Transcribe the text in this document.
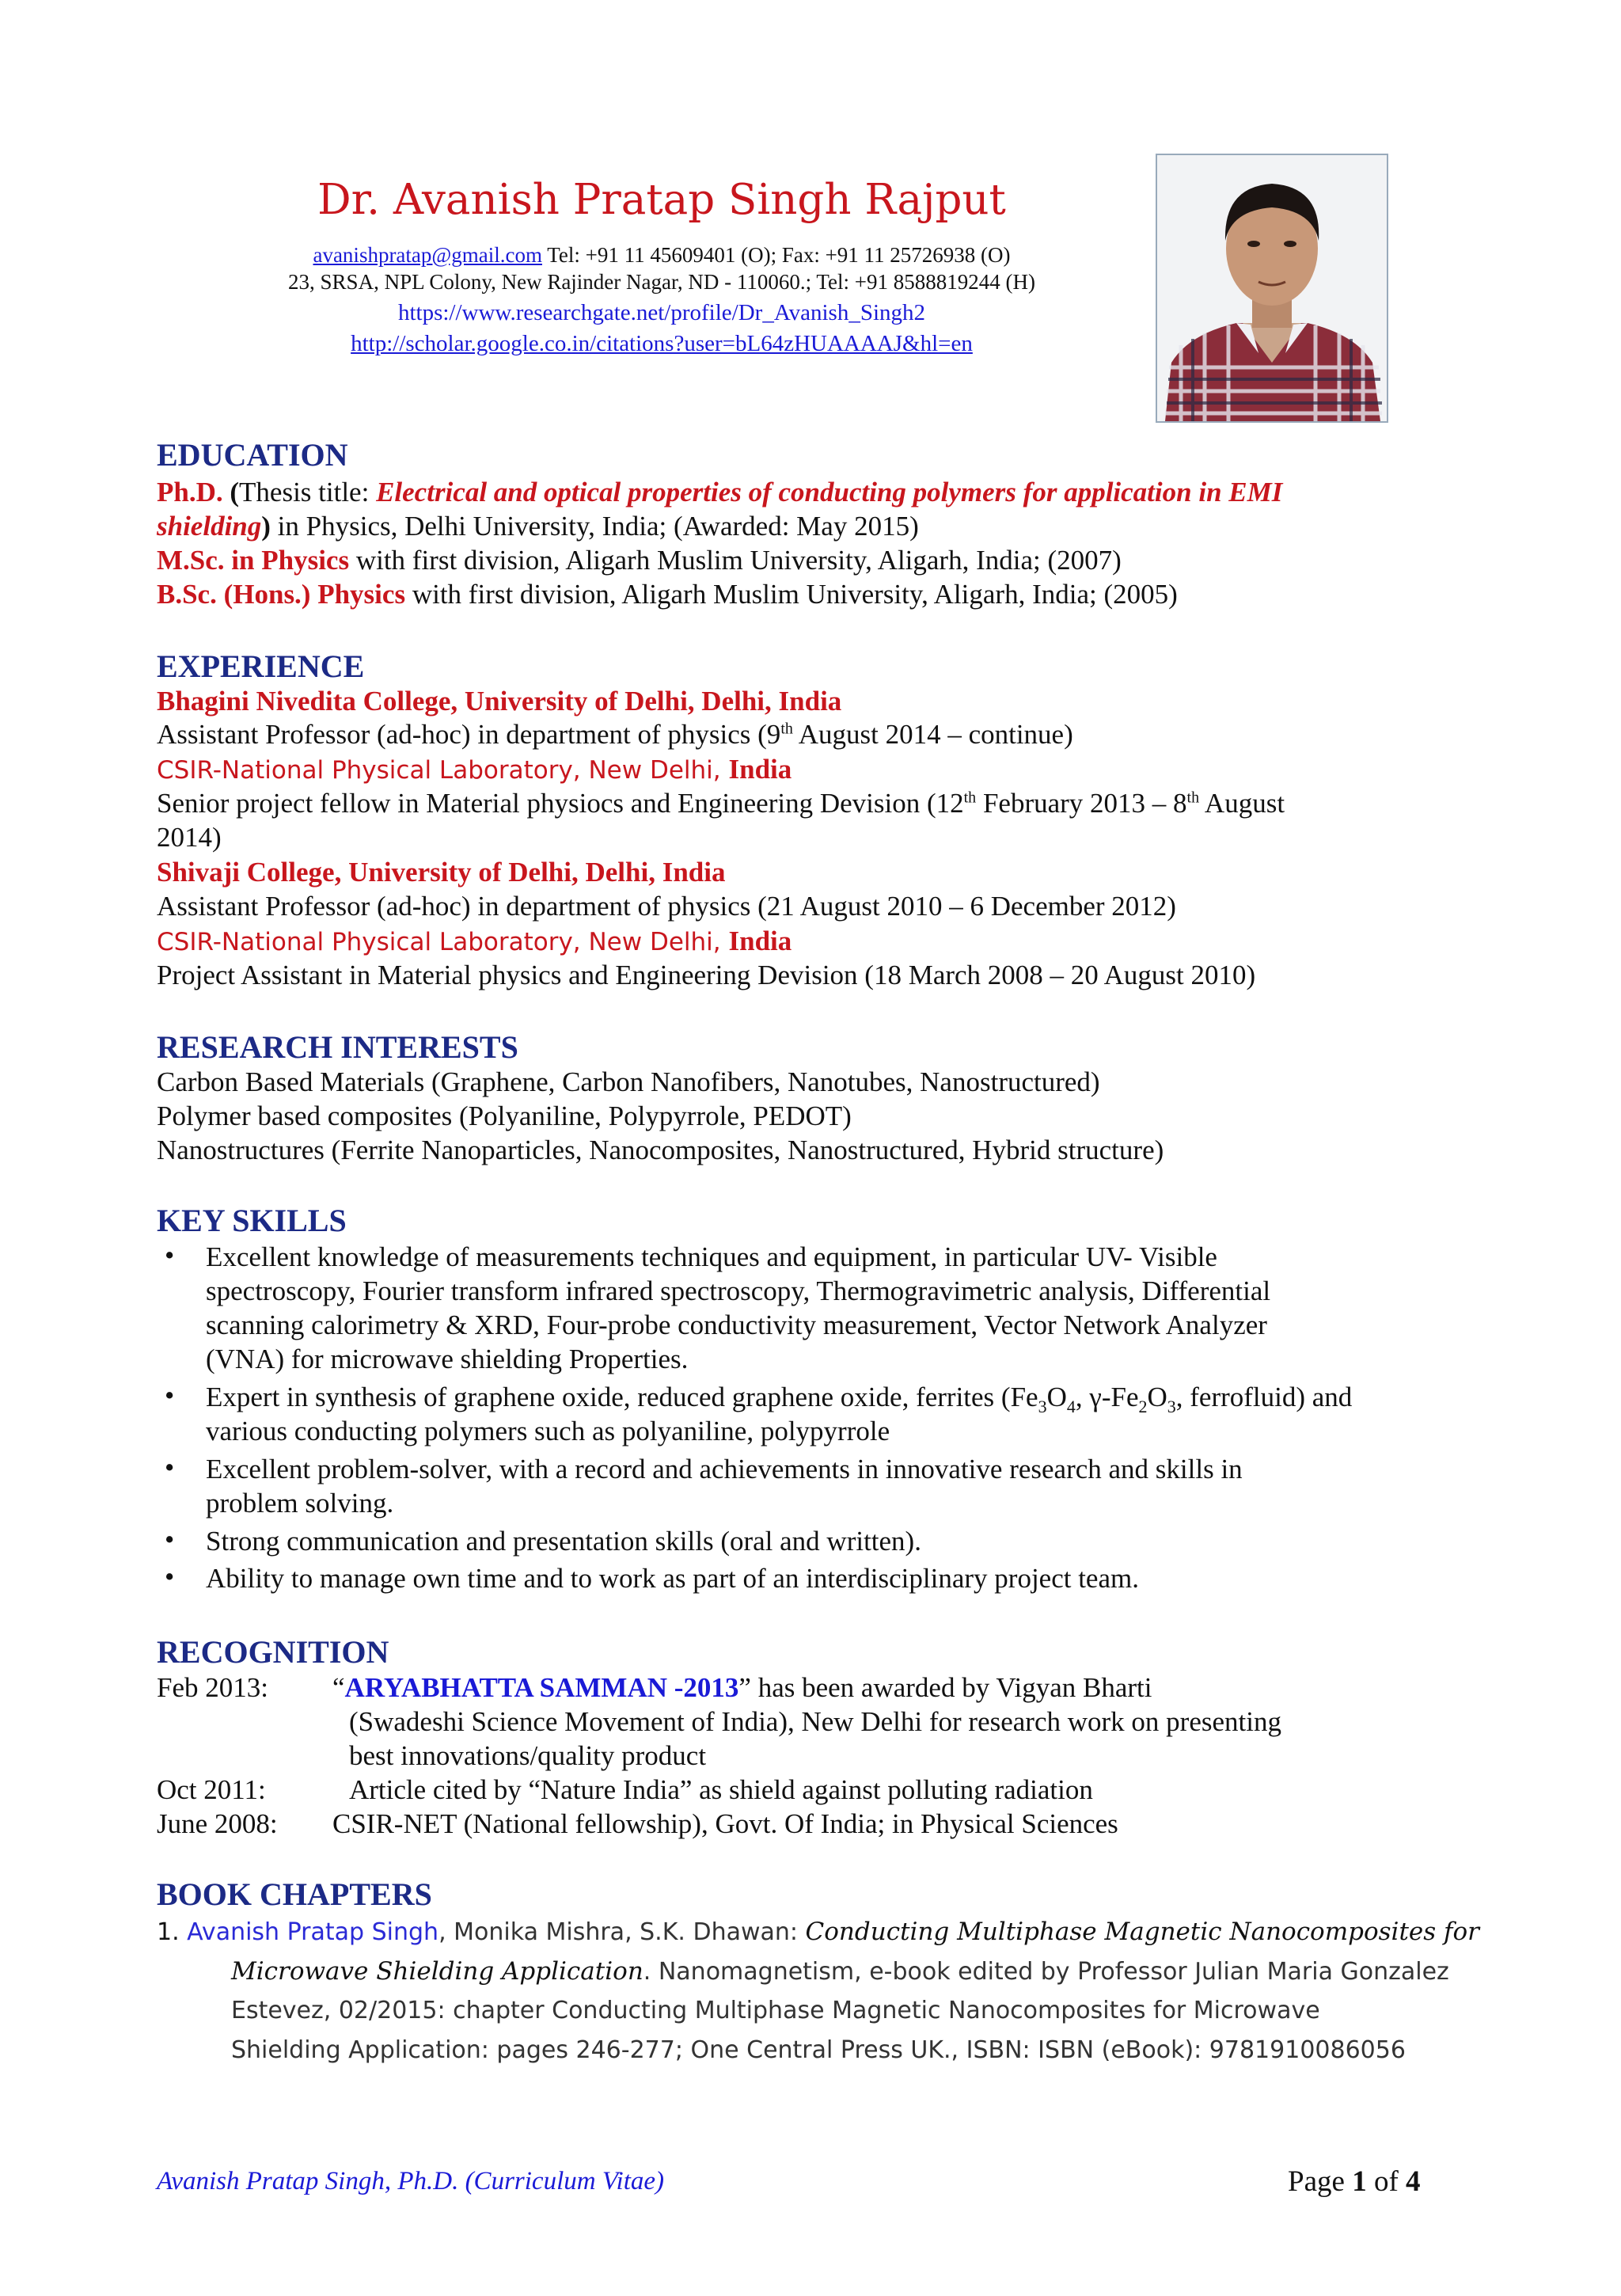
Dr. Avanish Pratap Singh Rajput
avanishpratap@gmail.com Tel: +91 11 45609401 (O); Fax: +91 11 25726938 (O)
23, SRSA, NPL Colony, New Rajinder Nagar, ND - 110060.; Tel: +91 8588819244 (H)
https://www.researchgate.net/profile/Dr_Avanish_Singh2
http://scholar.google.co.in/citations?user=bL64zHUAAAAJ&hl=en
EDUCATION
Ph.D. (Thesis title: Electrical and optical properties of conducting polymers for application in EMI
shielding) in Physics, Delhi University, India; (Awarded: May 2015)
M.Sc. in Physics with first division, Aligarh Muslim University, Aligarh, India; (2007)
B.Sc. (Hons.) Physics with first division, Aligarh Muslim University, Aligarh, India; (2005)
EXPERIENCE
Bhagini Nivedita College, University of Delhi, Delhi, India
Assistant Professor (ad-hoc) in department of physics (9th August 2014 – continue)
CSIR-National Physical Laboratory, New Delhi, India
Senior project fellow in Material physiocs and Engineering Devision (12th February 2013 – 8th August
2014)
Shivaji College, University of Delhi, Delhi, India
Assistant Professor (ad-hoc) in department of physics (21 August 2010 – 6 December 2012)
CSIR-National Physical Laboratory, New Delhi, India
Project Assistant in Material physics and Engineering Devision (18 March 2008 – 20 August 2010)
RESEARCH INTERESTS
Carbon Based Materials (Graphene, Carbon Nanofibers, Nanotubes, Nanostructured)
Polymer based composites (Polyaniline, Polypyrrole, PEDOT)
Nanostructures (Ferrite Nanoparticles, Nanocomposites, Nanostructured, Hybrid structure)
KEY SKILLS
• Excellent knowledge of measurements techniques and equipment, in particular UV- Visible
spectroscopy, Fourier transform infrared spectroscopy, Thermogravimetric analysis, Differential
scanning calorimetry & XRD, Four-probe conductivity measurement, Vector Network Analyzer
(VNA) for microwave shielding Properties.
• Expert in synthesis of graphene oxide, reduced graphene oxide, ferrites ($Fe_3O_4$, $\gamma-Fe_2O_3$, ferrofluid) and
various conducting polymers such as polyaniline, polypyrrole
• Excellent problem-solver, with a record and achievements in innovative research and skills in
problem solving.
• Strong communication and presentation skills (oral and written).
• Ability to manage own time and to work as part of an interdisciplinary project team.
RECOGNITION
Feb 2013: “ARYABHATTA SAMMAN -2013” has been awarded by Vigyan Bharti
(Swadeshi Science Movement of India), New Delhi for research work on presenting
best innovations/quality product
Oct 2011:	Article cited by “Nature India” as shield against polluting radiation
June 2008: CSIR-NET (National fellowship), Govt. Of India; in Physical Sciences
BOOK CHAPTERS
1. Avanish Pratap Singh, Monika Mishra, S.K. Dhawan: Conducting Multiphase Magnetic Nanocomposites for
Microwave Shielding Application. Nanomagnetism, e-book edited by Professor Julian Maria Gonzalez
Estevez, 02/2015: chapter Conducting Multiphase Magnetic Nanocomposites for Microwave
Shielding Application: pages 246-277; One Central Press UK., ISBN: ISBN (eBook): 9781910086056
Avanish Pratap Singh, Ph.D. (Curriculum Vitae)	Page 1 of 4
